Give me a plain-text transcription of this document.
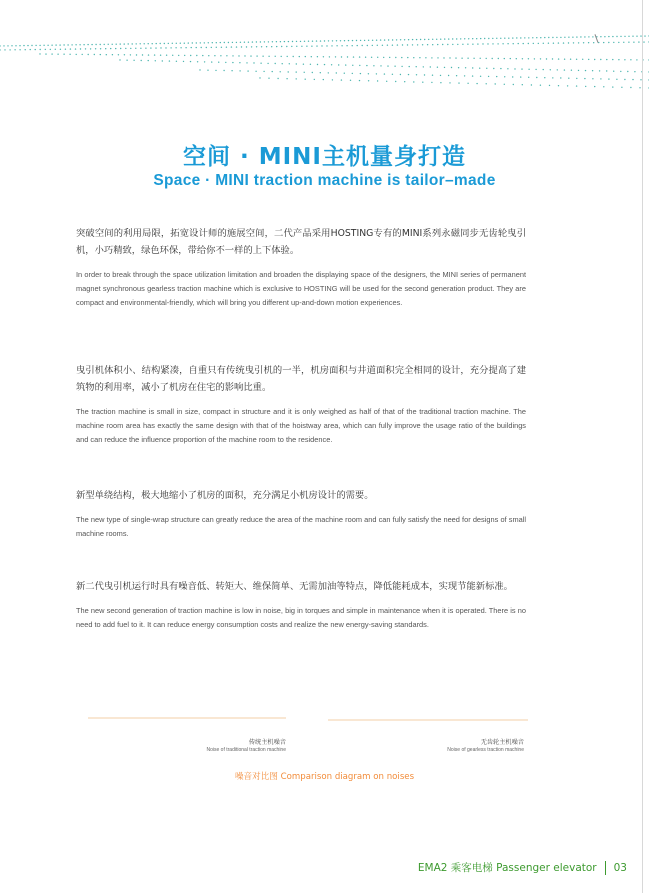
空间 · MINI主机量身打造
Space · MINI traction machine is tailor–made

突破空间的利用局限，拓宽设计师的施展空间，二代产品采用HOSTING专有的MINI系列永磁同步无齿轮曳引机，小巧精致，绿色环保，带给你不一样的上下体验。

In order to break through the space utilization limitation and broaden the displaying space of the designers, the MINI series of permanent magnet synchronous gearless traction machine which is exclusive to HOSTING will be used for the second generation product. They are compact and environmental-friendly, which will bring you different up-and-down motion experiences.

曳引机体积小、结构紧凑，自重只有传统曳引机的一半，机房面积与井道面积完全相同的设计，充分提高了建筑物的利用率，减小了机房在住宅的影响比重。

The traction machine is small in size, compact in structure and it is only weighed as half of that of the traditional traction machine. The machine room area has exactly the same design with that of the hoistway area, which can fully improve the usage ratio of the buildings and can reduce the influence proportion of the machine room to the residence.

新型单绕结构，极大地缩小了机房的面积，充分满足小机房设计的需要。

The new type of single-wrap structure can greatly reduce the area of the machine room and can fully satisfy the need for designs of small machine rooms.

新二代曳引机运行时具有噪音低、转矩大、维保简单、无需加油等特点，降低能耗成本，实现节能新标准。

The new second generation of traction machine is low in noise, big in torques and simple in maintenance when it is operated. There is no need to add fuel to it. It can reduce energy consumption costs and realize the new energy-saving standards.

传统主机噪音
Noise of traditional traction machine
无齿轮主机噪音
Noise of gearless traction machine
噪音对比图 Comparison diagram on noises
EMA2 乘客电梯 Passenger elevator 03
